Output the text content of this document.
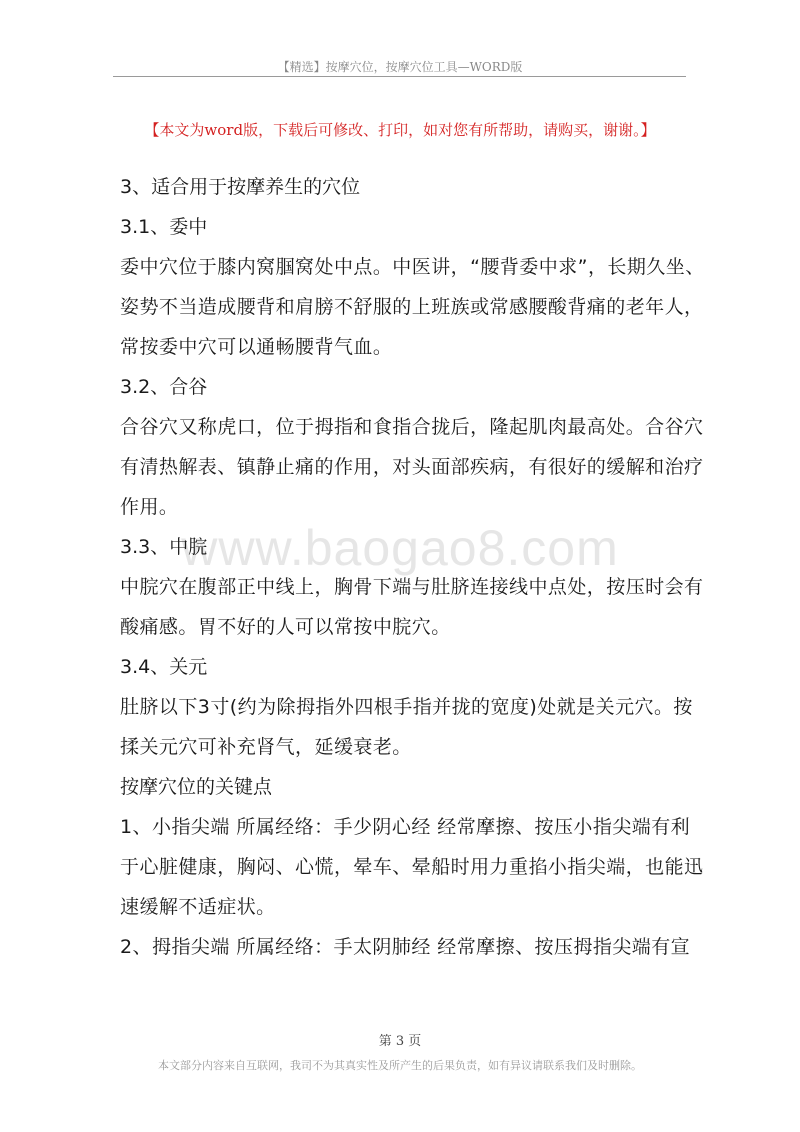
【精选】按摩穴位，按摩穴位工具—WORD版
【本文为word版，下载后可修改、打印，如对您有所帮助，请购买，谢谢。】
www.baogao8.com

3、适合用于按摩养生的穴位

3.1、委中

委中穴位于膝内窝腘窝处中点。中医讲，“腰背委中求”，长期久坐、

姿势不当造成腰背和肩膀不舒服的上班族或常感腰酸背痛的老年人，

常按委中穴可以通畅腰背气血。

3.2、合谷

合谷穴又称虎口，位于拇指和食指合拢后，隆起肌肉最高处。合谷穴

有清热解表、镇静止痛的作用，对头面部疾病，有很好的缓解和治疗

作用。

3.3、中脘

中脘穴在腹部正中线上，胸骨下端与肚脐连接线中点处，按压时会有

酸痛感。胃不好的人可以常按中脘穴。

3.4、关元

肚脐以下3寸(约为除拇指外四根手指并拢的宽度)处就是关元穴。按

揉关元穴可补充肾气，延缓衰老。

按摩穴位的关键点

1、小指尖端 所属经络：手少阴心经 经常摩擦、按压小指尖端有利

于心脏健康，胸闷、心慌，晕车、晕船时用力重掐小指尖端，也能迅

速缓解不适症状。

2、拇指尖端 所属经络：手太阴肺经 经常摩擦、按压拇指尖端有宣

第 3 页
本文部分内容来自互联网，我司不为其真实性及所产生的后果负责，如有异议请联系我们及时删除。
